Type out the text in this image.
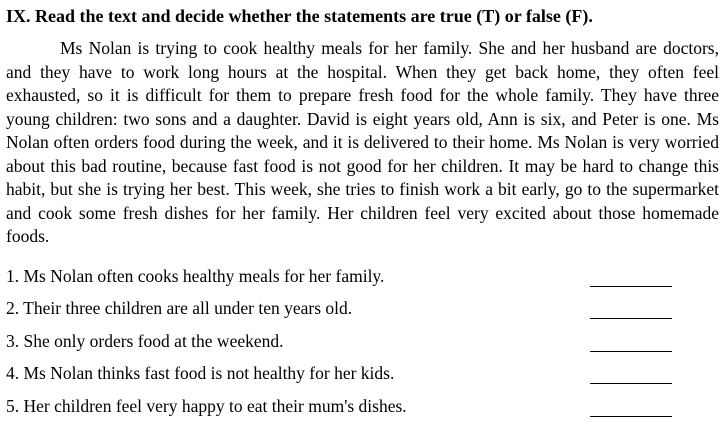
IX. Read the text and decide whether the statements are true (T) or false (F).

Ms Nolan is trying to cook healthy meals for her family. She and her husband are doctors, and they have to work long hours at the hospital. When they get back home, they often feel exhausted, so it is difficult for them to prepare fresh food for the whole family. They have three young children: two sons and a daughter. David is eight years old, Ann is six, and Peter is one. Ms Nolan often orders food during the week, and it is delivered to their home. Ms Nolan is very worried about this bad routine, because fast food is not good for her children. It may be hard to change this habit, but she is trying her best. This week, she tries to finish work a bit early, go to the supermarket and cook some fresh dishes for her family. Her children feel very excited about those homemade foods.

1. Ms Nolan often cooks healthy meals for her family.
2. Their three children are all under ten years old.
3. She only orders food at the weekend.
4. Ms Nolan thinks fast food is not healthy for her kids.
5. Her children feel very happy to eat their mum's dishes.
